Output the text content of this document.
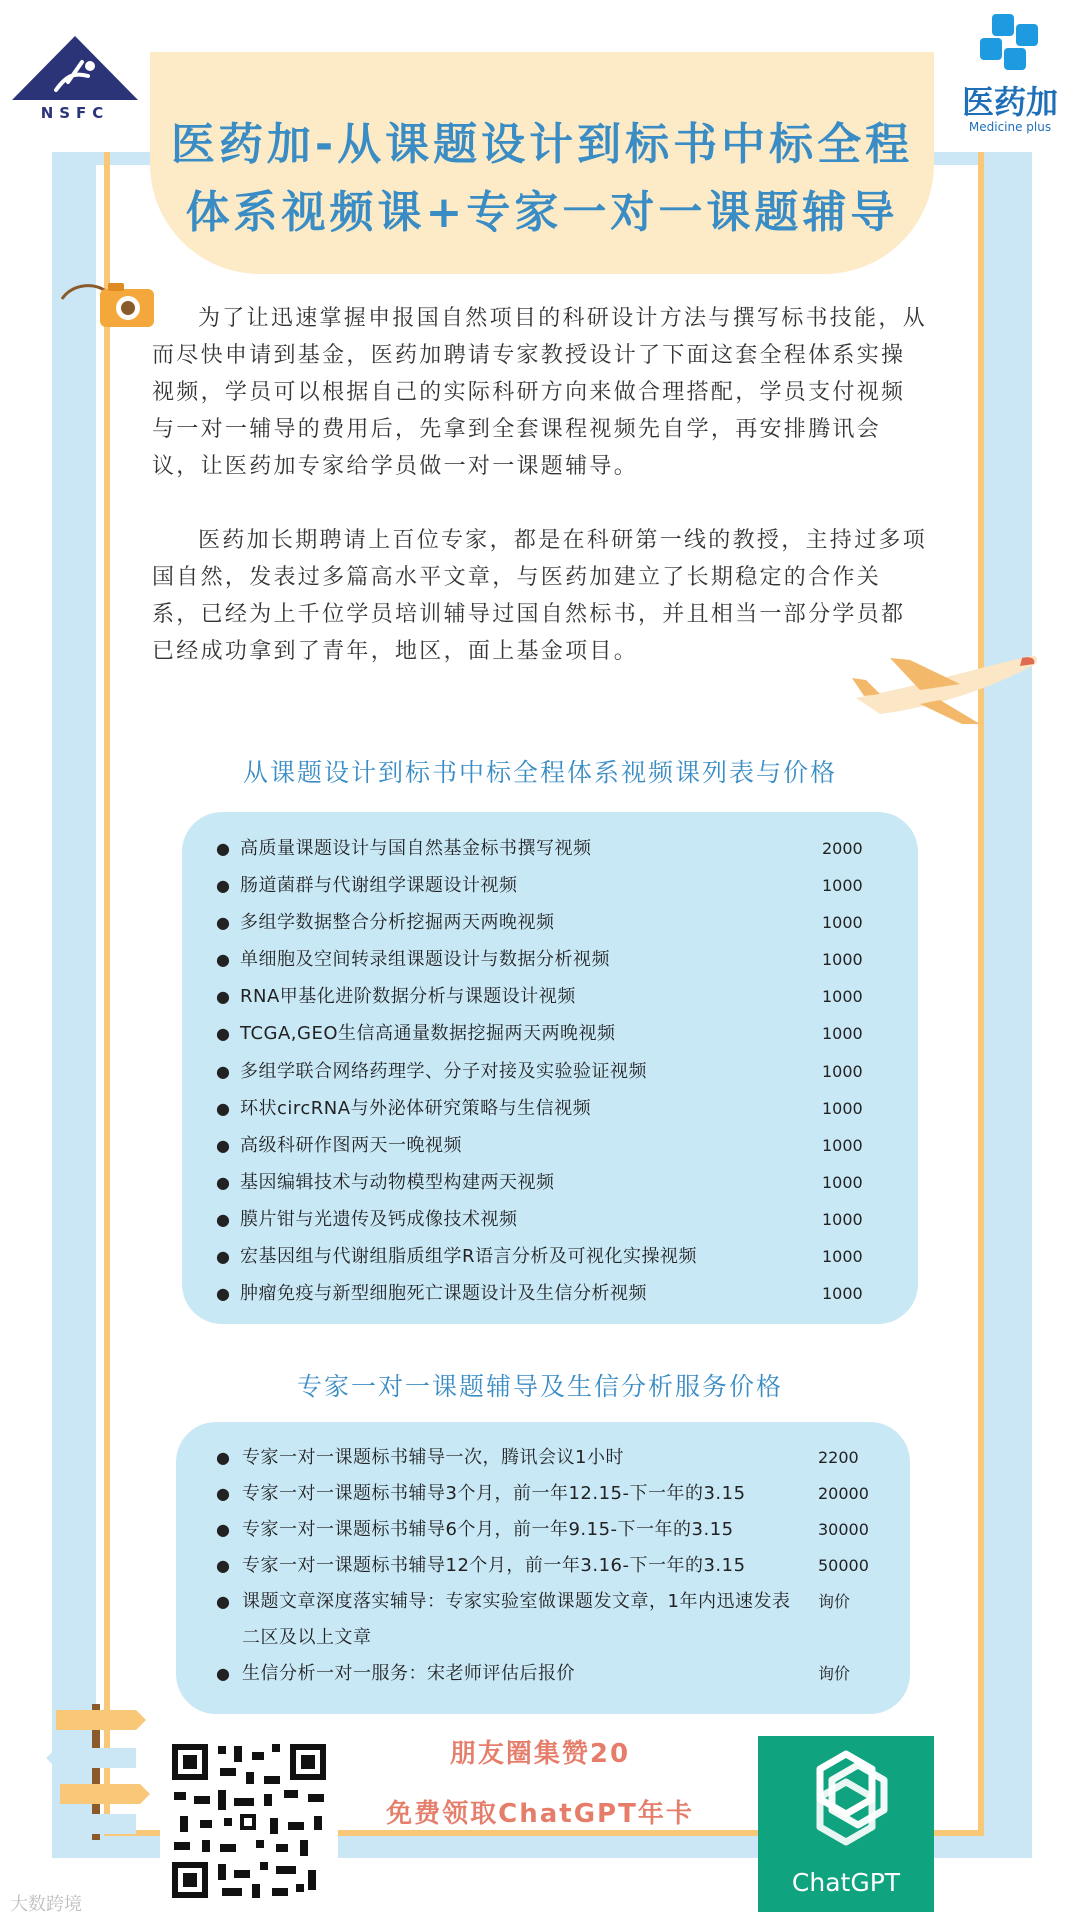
NSFC	医药加
Medicine plus
医药加-从课题设计到标书中标全程
体系视频课+专家一对一课题辅导

为了让迅速掌握申报国自然项目的科研设计方法与撰写标书技能，从而尽快申请到基金，医药加聘请专家教授设计了下面这套全程体系实操视频，学员可以根据自己的实际科研方向来做合理搭配，学员支付视频与一对一辅导的费用后，先拿到全套课程视频先自学，再安排腾讯会议，让医药加专家给学员做一对一课题辅导。

医药加长期聘请上百位专家，都是在科研第一线的教授，主持过多项国自然，发表过多篇高水平文章，与医药加建立了长期稳定的合作关系，已经为上千位学员培训辅导过国自然标书，并且相当一部分学员都已经成功拿到了青年，地区，面上基金项目。

从课题设计到标书中标全程体系视频课列表与价格
● 高质量课题设计与国自然基金标书撰写视频	2000
● 肠道菌群与代谢组学课题设计视频	1000
● 多组学数据整合分析挖掘两天两晚视频	1000
● 单细胞及空间转录组课题设计与数据分析视频	1000
● RNA甲基化进阶数据分析与课题设计视频	1000
● TCGA,GEO生信高通量数据挖掘两天两晚视频	1000
● 多组学联合网络药理学、分子对接及实验验证视频	1000
● 环状circRNA与外泌体研究策略与生信视频	1000
● 高级科研作图两天一晚视频	1000
● 基因编辑技术与动物模型构建两天视频	1000
● 膜片钳与光遗传及钙成像技术视频	1000
● 宏基因组与代谢组脂质组学R语言分析及可视化实操视频	1000
● 肿瘤免疫与新型细胞死亡课题设计及生信分析视频	1000
专家一对一课题辅导及生信分析服务价格
● 专家一对一课题标书辅导一次，腾讯会议1小时	2200
● 专家一对一课题标书辅导3个月，前一年12.15-下一年的3.15	20000
● 专家一对一课题标书辅导6个月，前一年9.15-下一年的3.15	30000
● 专家一对一课题标书辅导12个月，前一年3.16-下一年的3.15	50000
● 课题文章深度落实辅导：专家实验室做课题发文章，1年内迅速发表二区及以上文章
询价
● 生信分析一对一服务：宋老师评估后报价	询价
朋友圈集赞20
免费领取ChatGPT年卡
ChatGPT
大数跨境
